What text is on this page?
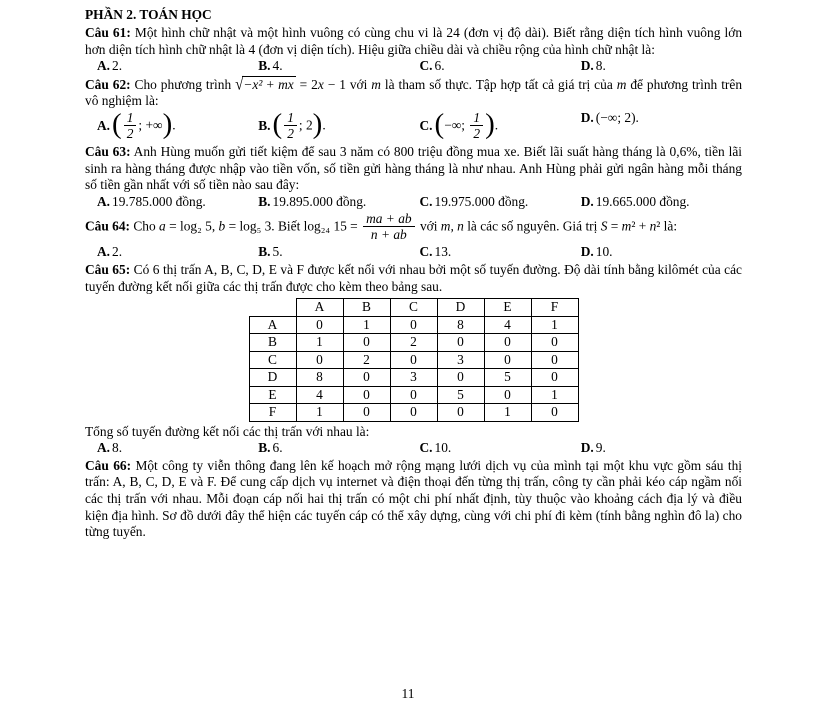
PHẦN 2. TOÁN HỌC
Câu 61: Một hình chữ nhật và một hình vuông có cùng chu vi là 24 (đơn vị độ dài). Biết rằng diện tích hình vuông lớn hơn diện tích hình chữ nhật là 4 (đơn vị diện tích). Hiệu giữa chiều dài và chiều rộng của hình chữ nhật là:
A. 2.	B. 4.	C. 6.	D. 8.
Câu 62: Cho phương trình √−x² + mx = 2x − 1 với m là tham số thực. Tập hợp tất cả giá trị của m để phương trình trên vô nghiệm là:
$A.( \frac{1}{2}$ ; +∞).	$B.( \frac{1}{2}$ ; 2).	C.(−∞; $\frac{1}{2}$ ).
D. (−∞; 2).
Câu 63: Anh Hùng muốn gửi tiết kiệm để sau 3 năm có 800 triệu đồng mua xe. Biết lãi suất hàng tháng là 0,6%, tiền lãi sinh ra hàng tháng được nhập vào tiền vốn, số tiền gửi hàng tháng là như nhau. Anh Hùng phải gửi ngân hàng mỗi tháng số tiền gần nhất với số tiền nào sau đây:
A. 19.785.000 đồng.	B. 19.895.000 đồng.	C. 19.975.000 đồng.	D. 19.665.000 đồng.
Câu 64: Cho a = log₂ 5, b = log₅ 3. Biết log₂₄ $15 = \frac{ma + ab}{n + ab}$ với m, n là các số nguyên. Giá trị S = m² + n² là:
A. 2.	B. 5.	C. 13.	D. 10.
Câu 65: Có 6 thị trấn A, B, C, D, E và F được kết nối với nhau bởi một số tuyến đường. Độ dài tính bằng kilômét của các tuyến đường kết nối giữa các thị trấn được cho kèm theo bảng sau.
	A	B	C	D	E	F
A	0	1	0	8	4	1
B	1	0	2	0	0	0
C	0	2	0	3	0	0
D	8	0	3	0	5	0
E	4	0	0	5	0	1
F	1	0	0	0	1	0
Tổng số tuyến đường kết nối các thị trấn với nhau là:
A. 8.	B. 6.	C. 10.	D. 9.
Câu 66: Một công ty viễn thông đang lên kế hoạch mở rộng mạng lưới dịch vụ của mình tại một khu vực gồm sáu thị trấn: A, B, C, D, E và F. Để cung cấp dịch vụ internet và điện thoại đến từng thị trấn, công ty cần phải kéo cáp ngầm nối các thị trấn với nhau. Mỗi đoạn cáp nối hai thị trấn có một chi phí nhất định, tùy thuộc vào khoảng cách địa lý và điều kiện địa hình. Sơ đồ dưới đây thể hiện các tuyến cáp có thể xây dựng, cùng với chi phí đi kèm (tính bằng nghìn đô la) cho từng tuyến.
11
